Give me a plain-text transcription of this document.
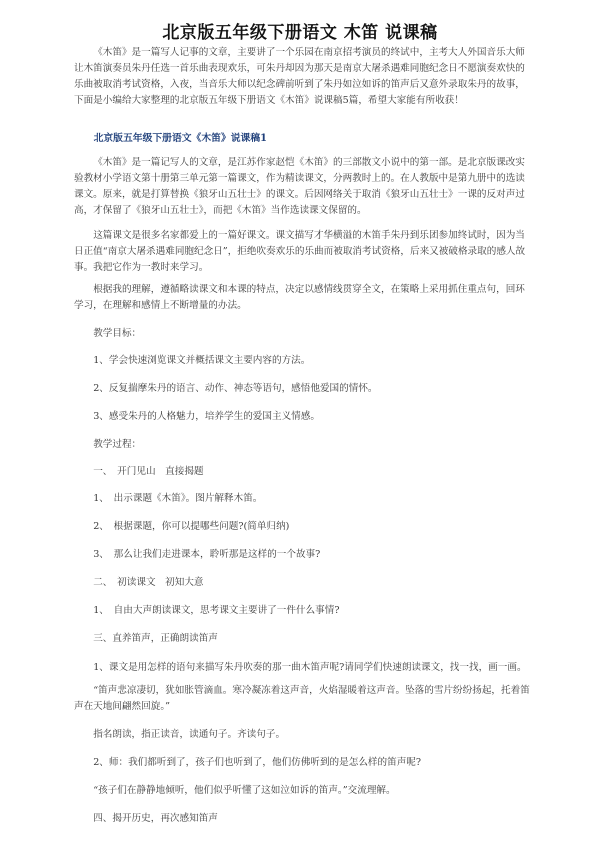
北京版五年级下册语文 木笛 说课稿
《木笛》是一篇写人记事的文章，主要讲了一个乐园在南京招考演员的终试中，主考大人外国音乐大师让木笛演奏员朱丹任选一首乐曲表现欢乐，可朱丹却因为那天是南京大屠杀遇难同胞纪念日不愿演奏欢快的乐曲被取消考试资格，入夜，当音乐大师以纪念碑前听到了朱丹如泣如诉的笛声后又意外录取朱丹的故事，下面是小编给大家整理的北京版五年级下册语文《木笛》说课稿5篇，希望大家能有所收获！
北京版五年级下册语文《木笛》说课稿1
《木笛》是一篇记写人的文章，是江苏作家赵恺《木笛》的三部散文小说中的第一部。是北京版课改实验教材小学语文第十册第三单元第一篇课文，作为精读课文，分两教时上的。在人教版中是第九册中的选读课文。原来，就是打算替换《狼牙山五壮士》的课文。后因网络关于取消《狼牙山五壮士》一课的反对声过高，才保留了《狼牙山五壮士》，而把《木笛》当作选读课文保留的。
这篇课文是很多名家都爱上的一篇好课文。课文描写才华横溢的木笛手朱丹到乐团参加终试时，因为当日正值“南京大屠杀遇难同胞纪念日”，拒绝吹奏欢乐的乐曲而被取消考试资格，后来又被破格录取的感人故事。我把它作为一教时来学习。
根据我的理解，遵循略读课文和本课的特点，决定以感情线贯穿全文，在策略上采用抓住重点句，回环学习，在理解和感情上不断增量的办法。
教学目标：
1、学会快速浏览课文并概括课文主要内容的方法。
2、反复揣摩朱丹的语言、动作、神态等语句，感悟他爱国的情怀。
3、感受朱丹的人格魅力，培养学生的爱国主义情感。
教学过程：
一、　开门见山　直接揭题
1、　出示课题《木笛》。图片解释木笛。
2、　根据课题，你可以提哪些问题?(简单归纳)
3、　那么让我们走进课本，聆听那是这样的一个故事?
二、　初读课文　初知大意
1、　自由大声朗读课文，思考课文主要讲了一件什么事情?
三、直养笛声，正确朗读笛声
1、课文是用怎样的语句来描写朱丹吹奏的那一曲木笛声呢?请同学们快速朗读课文，找一找，画一画。
“笛声悲凉凄切，犹如胀管滴血。寒冷凝冻着这声音，火焰湿暖着这声音。坠落的雪片纷纷扬起，托着笛声在天地间翩然回旋。”
指名朗读，指正读音，读通句子。齐读句子。
2、师：我们都听到了，孩子们也听到了，他们仿佛听到的是怎么样的笛声呢?
“孩子们在静静地倾听，他们似乎听懂了这如泣如诉的笛声。”交流理解。
四、揭开历史，再次感知笛声
